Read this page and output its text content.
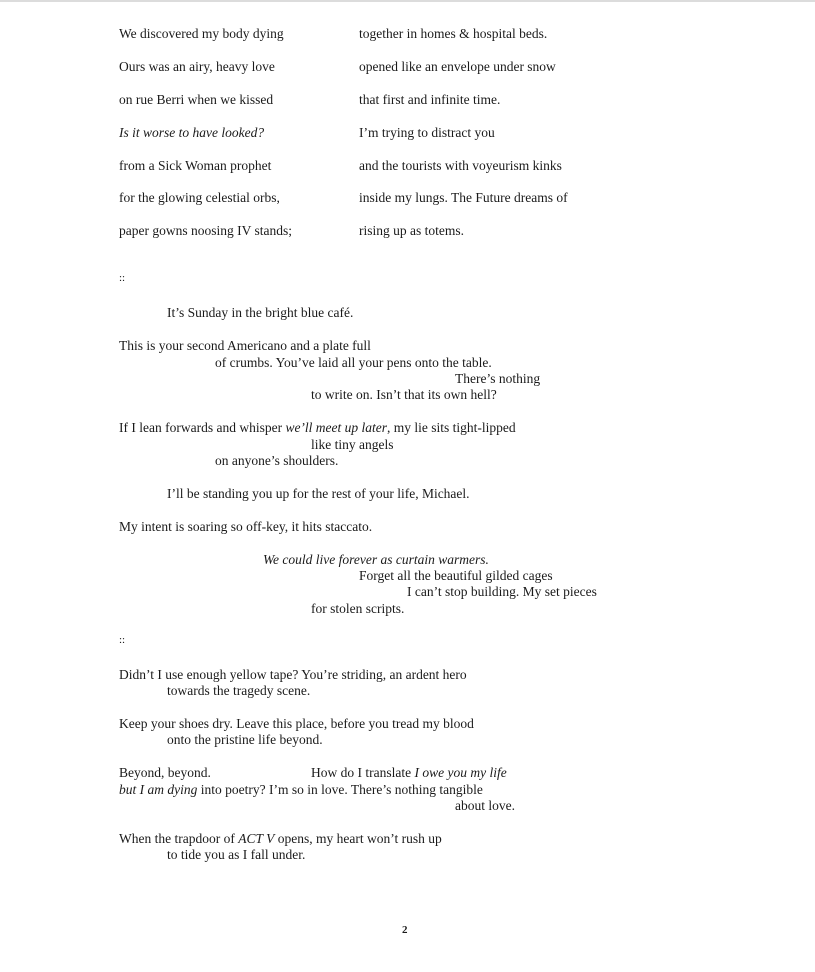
We discovered my body dying
Ours was an airy, heavy love
on rue Berri when we kissed
Is it worse to have looked?
from a Sick Woman prophet
for the glowing celestial orbs,
paper gowns noosing IV stands;
together in homes & hospital beds.
opened like an envelope under snow
that first and infinite time.
I’m trying to distract you
and the tourists with voyeurism kinks
inside my lungs. The Future dreams of
rising up as totems.
::
It’s Sunday in the bright blue café.
This is your second Americano and a plate full
of crumbs. You’ve laid all your pens onto the table.
There’s nothing
to write on. Isn’t that its own hell?
If I lean forwards and whisper we’ll meet up later, my lie sits tight-lipped
like tiny angels
on anyone’s shoulders.
I’ll be standing you up for the rest of your life, Michael.
My intent is soaring so off-key, it hits staccato.
We could live forever as curtain warmers.
Forget all the beautiful gilded cages
I can’t stop building. My set pieces
for stolen scripts.
::
Didn’t I use enough yellow tape? You’re striding, an ardent hero
towards the tragedy scene.
Keep your shoes dry. Leave this place, before you tread my blood
onto the pristine life beyond.
Beyond, beyond.	How do I translate I owe you my life
but I am dying into poetry? I’m so in love. There’s nothing tangible
about love.
When the trapdoor of ACT V opens, my heart won’t rush up
to tide you as I fall under.
2
